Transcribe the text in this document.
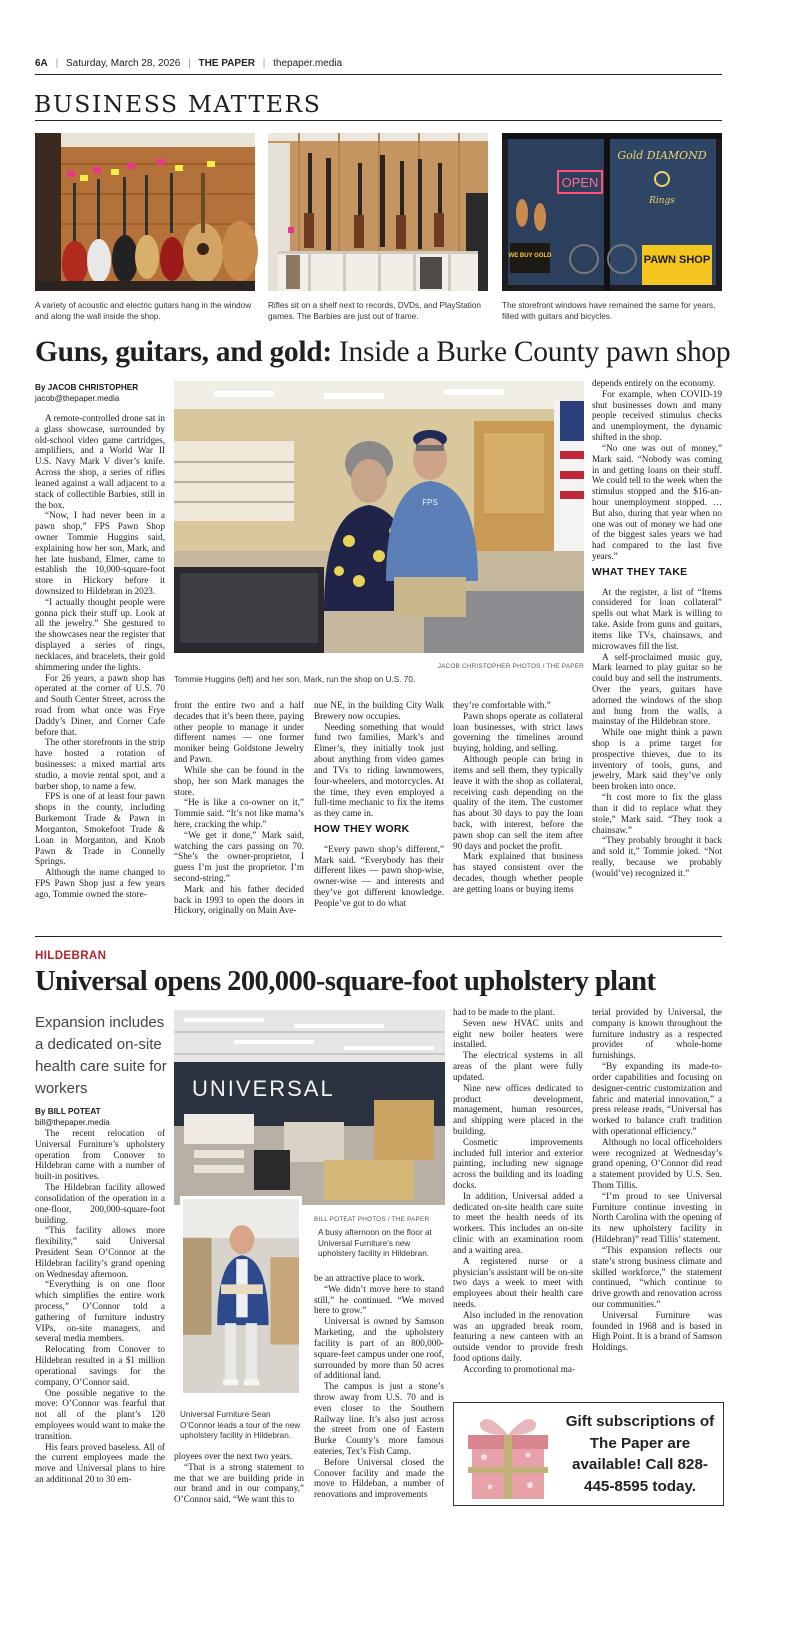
6A | Saturday, March 28, 2026 | THE PAPER | thepaper.media
BUSINESS MATTERS
OPEN
Gold DIAMOND
Rings
PAWN SHOP
WE BUY GOLD
A variety of acoustic and electric guitars hang in the window and along the wall inside the shop.
Rifles sit on a shelf next to records, DVDs, and PlayStation games. The Barbies are just out of frame.
The storefront windows have remained the same for years, filled with guitars and bicycles.
Guns, guitars, and gold: Inside a Burke County pawn shop
FPS
JACOB CHRISTOPHER PHOTOS / THE PAPER
Tommie Huggins (left) and her son, Mark, run the shop on U.S. 70.

By JACOB CHRISTOPHER

jacob@thepaper.media

A remote-controlled drone sat in a glass showcase, surrounded by old-school video game cartridges, amplifiers, and a World War II U.S. Navy Mark V diver’s knife. Across the shop, a series of rifles leaned against a wall adjacent to a stack of collectible Barbies, still in the box.

“Now, I had never been in a pawn shop,” FPS Pawn Shop owner Tommie Huggins said, explaining how her son, Mark, and her late husband, Elmer, came to establish the 10,000-square-foot store in Hickory before it downsized to Hildebran in 2023.

“I actually thought people were gonna pick their stuff up. Look at all the jewelry.” She gestured to the showcases near the register that displayed a series of rings, necklaces, and bracelets, their gold shimmering under the lights.

For 26 years, a pawn shop has operated at the corner of U.S. 70 and South Center Street, across the road from what once was Frye Daddy’s Diner, and Corner Cafe before that.

The other storefronts in the strip have hosted a rotation of businesses: a mixed martial arts studio, a movie rental spot, and a barber shop, to name a few.

FPS is one of at least four pawn shops in the county, including Burkemont Trade & Pawn in Morganton, Smokefoot Trade & Loan in Morganton, and Knob Pawn & Trade in Connelly Springs.

Although the name changed to FPS Pawn Shop just a few years ago, Tommie owned the store-

front the entire two and a half decades that it’s been there, paying other people to manage it under different names — one former moniker being Goldstone Jewelry and Pawn.

While she can be found in the shop, her son Mark manages the store.

“He is like a co-owner on it,” Tommie said. “It’s not like mama’s here, cracking the whip.”

“We get it done,” Mark said, watching the cars passing on 70. “She’s the owner-proprietor, I guess I’m just the proprietor. I’m second-string.”

Mark and his father decided back in 1993 to open the doors in Hickory, originally on Main Ave-

nue NE, in the building City Walk Brewery now occupies.

Needing something that would fund two families, Mark’s and Elmer’s, they initially took just about anything from video games and TVs to riding lawnmowers, four-wheelers, and motorcycles. At the time, they even employed a full-time mechanic to fix the items as they came in.

HOW THEY WORK

“Every pawn shop’s different,” Mark said. “Everybody has their different likes — pawn shop-wise, owner-wise — and interests and they’ve got different knowledge. People’ve got to do what

they’re comfortable with.”

Pawn shops operate as collateral loan businesses, with strict laws governing the timelines around buying, holding, and selling.

Although people can bring in items and sell them, they typically leave it with the shop as collateral, receiving cash depending on the quality of the item. The customer has about 30 days to pay the loan back, with interest, before the pawn shop can sell the item after 90 days and pocket the profit.

Mark explained that business has stayed consistent over the decades, though whether people are getting loans or buying items

depends entirely on the economy.

For example, when COVID-19 shut businesses down and many people received stimulus checks and unemployment, the dynamic shifted in the shop.

“No one was out of money,” Mark said. “Nobody was coming in and getting loans on their stuff. We could tell to the week when the stimulus stopped and the $16-an-hour unemployment stopped. … But also, during that year when no one was out of money we had one of the biggest sales years we had had compared to the last five years.”

WHAT THEY TAKE

At the register, a list of “Items considered for loan collateral” spells out what Mark is willing to take. Aside from guns and guitars, items like TVs, chainsaws, and microwaves fill the list.

A self-proclaimed music guy, Mark learned to play guitar so he could buy and sell the instruments. Over the years, guitars have adorned the windows of the shop and hung from the walls, a mainstay of the Hildebran store.

While one might think a pawn shop is a prime target for prospective thieves, due to its inventory of tools, guns, and jewelry, Mark said they’ve only been broken into once.

“It cost more to fix the glass than it did to replace what they stole,” Mark said. “They took a chainsaw.”

“They probably brought it back and sold it,” Tommie joked. “Not really, because we probably (would’ve) recognized it.”

HILDEBRAN
Universal opens 200,000-square-foot upholstery plant
Expansion includes a dedicated on-site health care suite for workers

By BILL POTEAT

bill@thepaper.media

The recent relocation of Universal Furniture’s upholstery operation from Conover to Hildebran came with a number of built-in positives.

The Hildebran facility allowed consolidation of the operation in a one-floor, 200,000-square-foot building.

“This facility allows more flexibility,” said Universal President Sean O’Connor at the Hildebran facility’s grand opening on Wednesday afternoon.

“Everything is on one floor which simplifies the entire work process,” O’Connor told a gathering of furniture industry VIPs, on-site managers, and several media members.

Relocating from Conover to Hildebran resulted in a $1 million operational savings for the company, O’Connor said.

One possible negative to the move: O’Connor was fearful that not all of the plant’s 120 employees would want to make the transition.

His fears proved baseless. All of the current employees made the move and Universal plans to hire an additional 20 to 30 em-

UNIVERSAL
BILL POTEAT PHOTOS / THE PAPER
A busy afternoon on the floor at Universal Furniture’s new upholstery facility in Hildebran.
Universal Furniture Sean O’Connor leads a tour of the new upholstery facility in Hildebran.

ployees over the next two years.

“That is a strong statement to me that we are building pride in our brand and in our company,” O’Connor said. “We want this to

be an attractive place to work.

“We didn’t move here to stand still,” he continued. “We moved here to grow.”

Universal is owned by Samson Marketing, and the upholstery facility is part of an 800,000-square-feet campus under one roof, surrounded by more than 50 acres of additional land.

The campus is just a stone’s throw away from U.S. 70 and is even closer to the Southern Railway line. It’s also just across the street from one of Eastern Burke County’s more famous eateries, Tex’s Fish Camp.

Before Universal closed the Conover facility and made the move to Hildeban, a number of renovations and improvements

had to be made to the plant.

Seven new HVAC units and eight new boiler heaters were installed.

The electrical systems in all areas of the plant were fully updated.

Nine new offices dedicated to product development, management, human resources, and shipping were placed in the building.

Cosmetic improvements included full interior and exterior painting, including new signage across the building and its loading docks.

In addition, Universal added a dedicated on-site health care suite to meet the health needs of its workers. This includes an on-site clinic with an examination room and a waiting area.

A registered nurse or a physician’s assistant will be on-site two days a week to meet with employees about their health care needs.

Also included in the renovation was an upgraded break room, featuring a new canteen with an outside vendor to provide fresh food options daily.

According to promotional ma-

terial provided by Universal, the company is known throughout the furniture industry as a respected provider of whole-home furnishings.

“By expanding its made-to-order capabilities and focusing on designer-centric customization and fabric and material innovation,” a press release reads, “Universal has worked to balance craft tradition with operational efficiency.”

Although no local officeholders were recognized at Wednesday’s grand opening, O’Connor did read a statement provided by U.S. Sen. Thom Tillis.

“I’m proud to see Universal Furniture continue investing in North Carolina with the opening of its new upholstery facility in (Hildebran)” read Tillis’ statement.

“This expansion reflects our state’s strong business climate and skilled workforce,” the statement continued, “which continue to drive growth and renovation across our communities.”

Universal Furniture was founded in 1968 and is based in High Point. It is a brand of Samson Holdings.

Gift subscriptions of The Paper are available! Call 828-445-8595 today.
